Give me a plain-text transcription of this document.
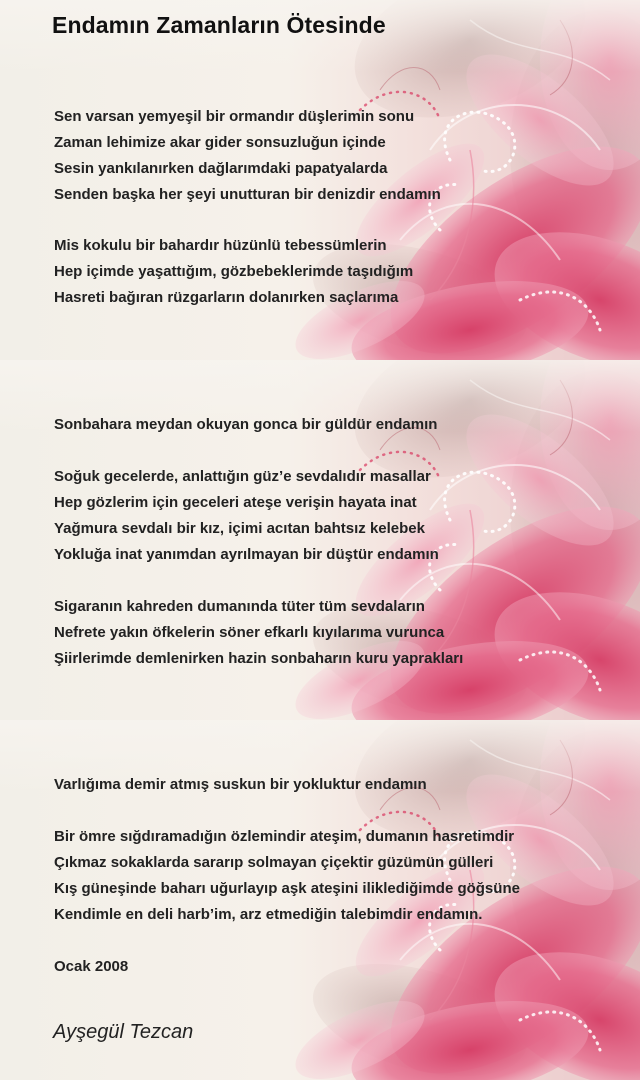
Endamın Zamanların Ötesinde
Sen varsan yemyeşil bir ormandır düşlerimin sonu
Zaman lehimize akar gider sonsuzluğun içinde
Sesin yankılanırken dağlarımdaki papatyalarda
Senden başka her şeyi unutturan bir denizdir endamın
Mis kokulu bir bahardır hüzünlü tebessümlerin
Hep içimde yaşattığım, gözbebeklerimde taşıdığım
Hasreti bağıran rüzgarların dolanırken saçlarıma
Sonbahara meydan okuyan gonca bir güldür endamın
Soğuk gecelerde, anlattığın güz’e sevdalıdır masallar
Hep gözlerim için geceleri ateşe verişin hayata inat
Yağmura sevdalı bir kız, içimi acıtan bahtsız kelebek
Yokluğa inat yanımdan ayrılmayan bir düştür endamın
Sigaranın kahreden dumanında tüter tüm sevdaların
Nefrete yakın öfkelerin söner efkarlı kıyılarıma vurunca
Şiirlerimde demlenirken hazin sonbaharın kuru yaprakları
Varlığıma demir atmış suskun bir yokluktur endamın
Bir ömre sığdıramadığın özlemindir ateşim, dumanın hasretimdir
Çıkmaz sokaklarda sararıp solmayan çiçektir güzümün gülleri
Kış güneşinde baharı uğurlayıp aşk ateşini iliklediğimde göğsüne
Kendimle en deli harb’im, arz etmediğin talebimdir endamın.
Ocak 2008
Ayşegül Tezcan
